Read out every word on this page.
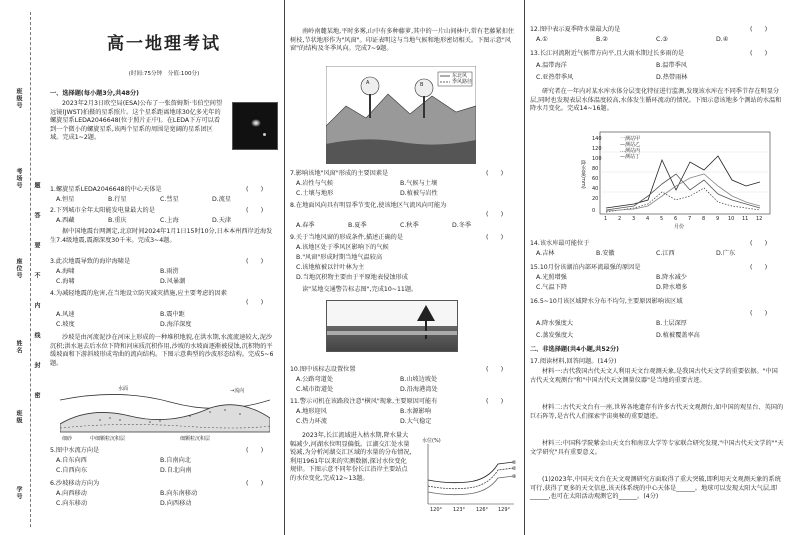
班级号
考场号
座位号
姓名
班级
学号
题
答
要
不
内
线
封
密
高一地理考试
(时间:75分钟　分值:100分)
一、选择题(每小题3分,共48分)
2023年2月3日欧空局(ESA)公布了一张詹姆斯·韦伯空间望远镜(JWST)拍摄的星系照片。这个星系距离地球30亿多光年的螺旋星系LEDA2046648(位于照片正中)。在LEDA下方可以看到一个微小的螺旋星系,该两个星系的周围是宽阔的星系团区域。完成1~2题。
1.螺旋星系LEDA2046648的中心天体是	(　　)
A.恒星	B.行星	C.彗星	D.流星
2.下列城市全年太阳能发电量最大的是	(　　)
A.西藏	B.重庆	C.上海	D.天津
据中国地震台网测定,北京时间2024年1月1日15时10分,日本本州西岸近海发生7.4级地震,震源深度30千米。完成3~4题。
3.此次地震导致的海岸海啸是	(　　)
A.海啸	B.雨涝
C.海啸	D.风暴潮
4.为减轻地震的危害,在当地设立防灾减灾措施,应主要考虑的因素
(　　)
A.风速	B.震中距
C.坡度	D.海洋深度
沙坡是由河流泥沙在河床上形成的一种堆积地貌,在洪水期,水流流速较大,泥沙沉积;洪水退去后水位下降和河床质沉积作用,沙坡的水坡面逐渐被侵蚀,沉积物的平缓坡面和下游斜坡形成弯曲的流向结构。下图示意典型的沙波形态结构。完成5~6题。
水面	→流向
细砂	中细颗粒沉积层	细颗粒沉积层
5.图中水流方向是	(　　)
A.自东向西	B.自南向北
C.自西向东	D.自北向南
6.沙坡移动方向为	(　　)
A.向西移动	B.向东南移动
C.向东移动	D.向西移动
南岭南麓某地,平时多雾,山中有多种藤萝,其中的一片山间林中,常有老藤紧扣住树枝,节状地形作为"风窗"。印证表明这与当地气候和地形密切相关。下图示意"风窗"的结构及冬季风向。完成7~9题。
A	B
东北风
季风路径
7.影响该地"风窗"形成的主要因素是	(　　)
A.岩性与气候	B.气候与土壤
C.土壤与地形	D.植被与岩性
8.在地面风向具有明显季节变化,使该地区气流风向可能为
(　　)
A.春季	B.夏季	C.秋季	D.冬季
9.关于当地风窗的形成条件,描述正确的是	(　　)
A.该地区处于季风区影响下的气候
B."风窗"形成时期当地气温较高
C.该地植被以针叶林为主
D.当地沉积物主要由于平原地表侵蚀形成
读"某地交通警告标志图",完成10~11题。
10.图中该标志设置位置	(　　)
A.公路弯道处	B.山坡边坡处
C.城市街道处	D.沿海港湾处
11.警示司机在该路段注意"横风"现象,主要原因可能有	(　　)
A.地形迎风	B.水源影响
C.热力环流	D.大气稳定
2023年,长江流域进入枯水期,降水量大幅减少,河湖水位明显偏低。江湖交汇处水量锐减,为分析河湖交汇区域的水量的分布情况,利用1961年以来的实测数据,探讨水位变化规律。下图示意不同年份长江沿岸主要站点的水位变化,完成12~13题。
水位(%)
120° 123° 126° 129°
①
②
③
12.图中表示夏季降水量最大的是	(　　)
A.①	B.②	C.③	D.④
13.长江河流附近气候带方向平,且大雨水期过长多雨的是	(　　)
A.温带海洋	B.温带季风
C.亚热带季风	D.热带雨林
研究者在一年内对某水库水体分层变化特征进行监测,发现该水库在不同季节存在明显分层,同时也发现表层水体温度较高,水体发生循环流动的情况。下图示意该地多个测站的水温和降水月变化。完成14~16题。
一测站甲
—测站乙
…测站丙
—测站丁
降水量(mm)
月份
1 2 3 4 5 6 7 8 9 10 11 12
0
20
40
60
80
100
120
140
14.该水库最可能位于	(　　)
A.吉林	B.安徽	C.江西	D.广东
15.10月份该湖泊内部环流最强的原因是	(　　)
A.光照增强	B.降水减少
C.气温下降	D.降水增多
16.5~10月该区域降水分布不均匀,主要原因影响该区域
(　　)
A.降水强度大	B.土层深厚
C.蒸发强度大	D.植被覆盖率高
二、非选择题(共4小题,共52分)
17.阅读材料,回答问题。(14分)
材料一:古代我国古代天文人利用天文台观测天象,是我国古代天文学的重要依据。"中国古代天文观测台"和"中国古代天文测量仪器"是当地的重要古迹。
材料二:古代天文台有一座,世界各地遗存有许多古代天文观测台,如中国的观星台、英国的巨石阵等,是古代人们探索宇宙奥秘的重要遗迹。
材料三:中国科学院紫金山天文台和南京大学等专家联合研究发现,"中国古代天文学的""天文学研究"具有重要意义。
(1)2023年,中国天文台在天文观测研究方面取得了重大突破,即利用天文观测天象的系统可行,获得了更多的天文信息,该天体系统的中心天体是______。地球可以发现太阳大气层,即______,也可在太阳活动观测它的______。(4分)
